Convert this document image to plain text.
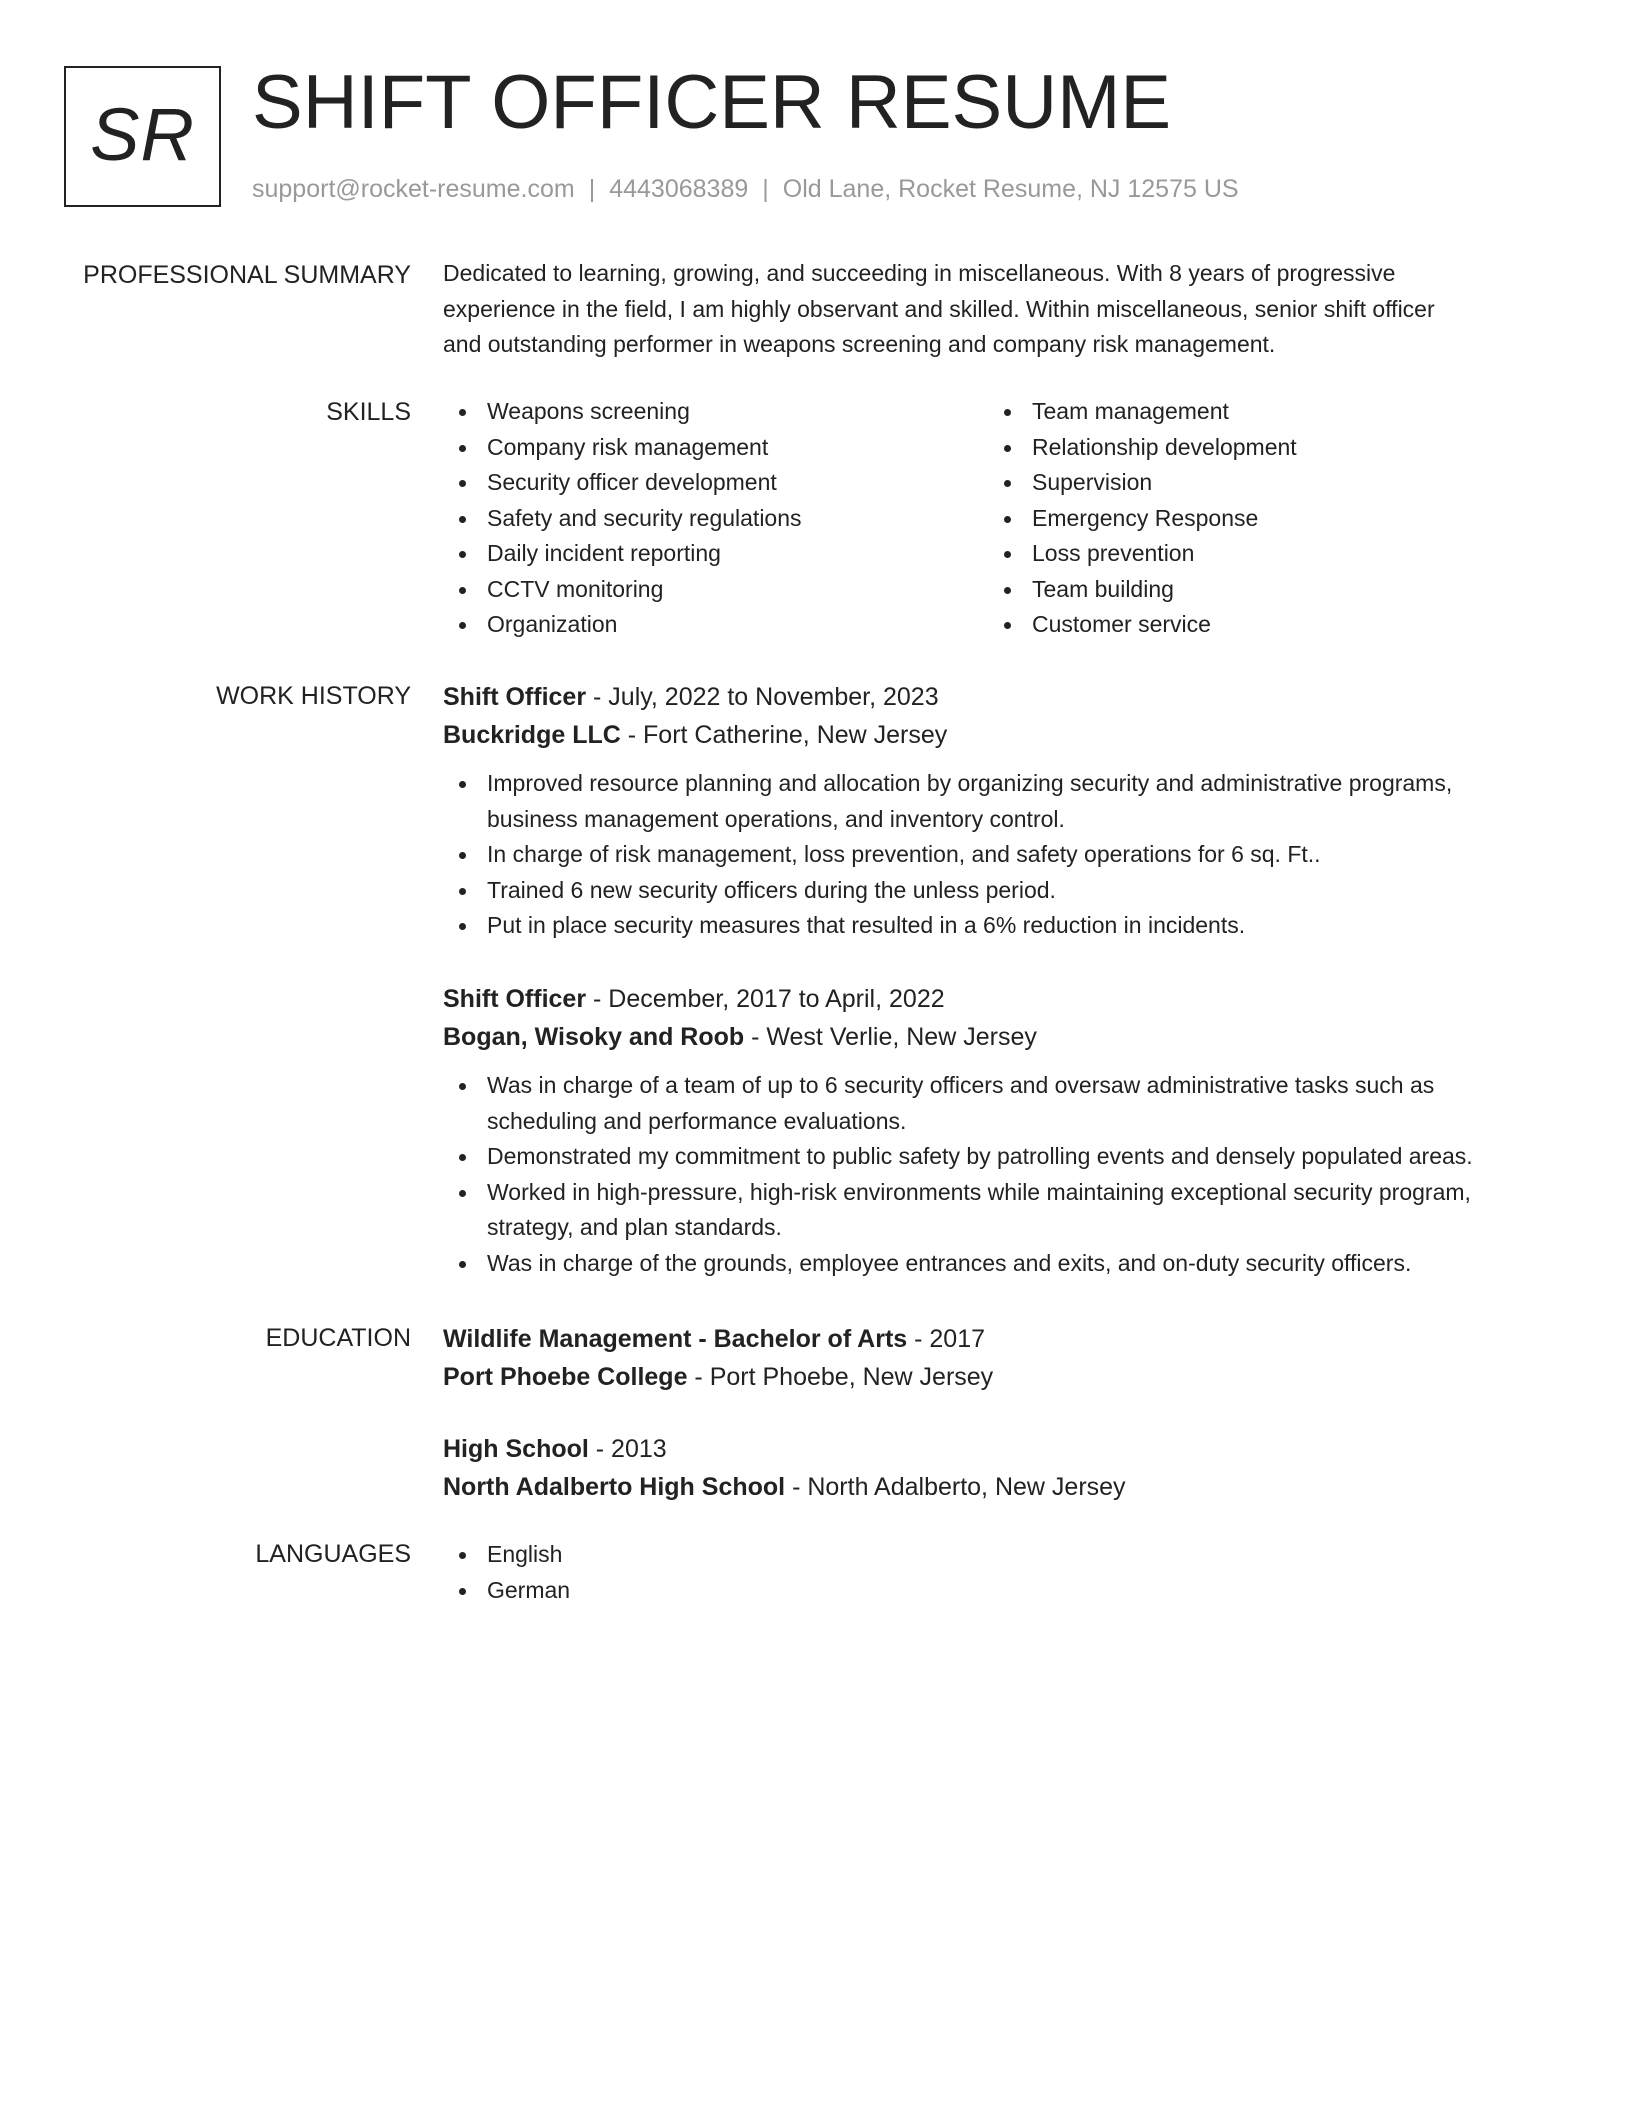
SR SHIFT OFFICER RESUME
support@rocket-resume.com | 4443068389 | Old Lane, Rocket Resume, NJ 12575 US
PROFESSIONAL SUMMARY Dedicated to learning, growing, and succeeding in miscellaneous. With 8 years of progressive
experience in the field, I am highly observant and skilled. Within miscellaneous, senior shift officer
and outstanding performer in weapons screening and company risk management.

SKILLS	Weapons screening
Company risk management
Security officer development
Safety and security regulations
Daily incident reporting
CCTV monitoring
Organization
Team management
Relationship development
Supervision
Emergency Response
Loss prevention
Team building
Customer service
WORK HISTORY Shift Officer - July, 2022 to November, 2023
Buckridge LLC - Fort Catherine, New Jersey
Improved resource planning and allocation by organizing security and administrative programs,
business management operations, and inventory control.
In charge of risk management, loss prevention, and safety operations for 6 sq. Ft..
Trained 6 new security officers during the unless period.
Put in place security measures that resulted in a 6% reduction in incidents.
Shift Officer - December, 2017 to April, 2022
Bogan, Wisoky and Roob - West Verlie, New Jersey
Was in charge of a team of up to 6 security officers and oversaw administrative tasks such as
scheduling and performance evaluations.
Demonstrated my commitment to public safety by patrolling events and densely populated areas.
Worked in high-pressure, high-risk environments while maintaining exceptional security program,
strategy, and plan standards.
Was in charge of the grounds, employee entrances and exits, and on-duty security officers.
EDUCATION Wildlife Management - Bachelor of Arts - 2017
Port Phoebe College - Port Phoebe, New Jersey
High School - 2013
North Adalberto High School - North Adalberto, New Jersey
LANGUAGES	English
German
